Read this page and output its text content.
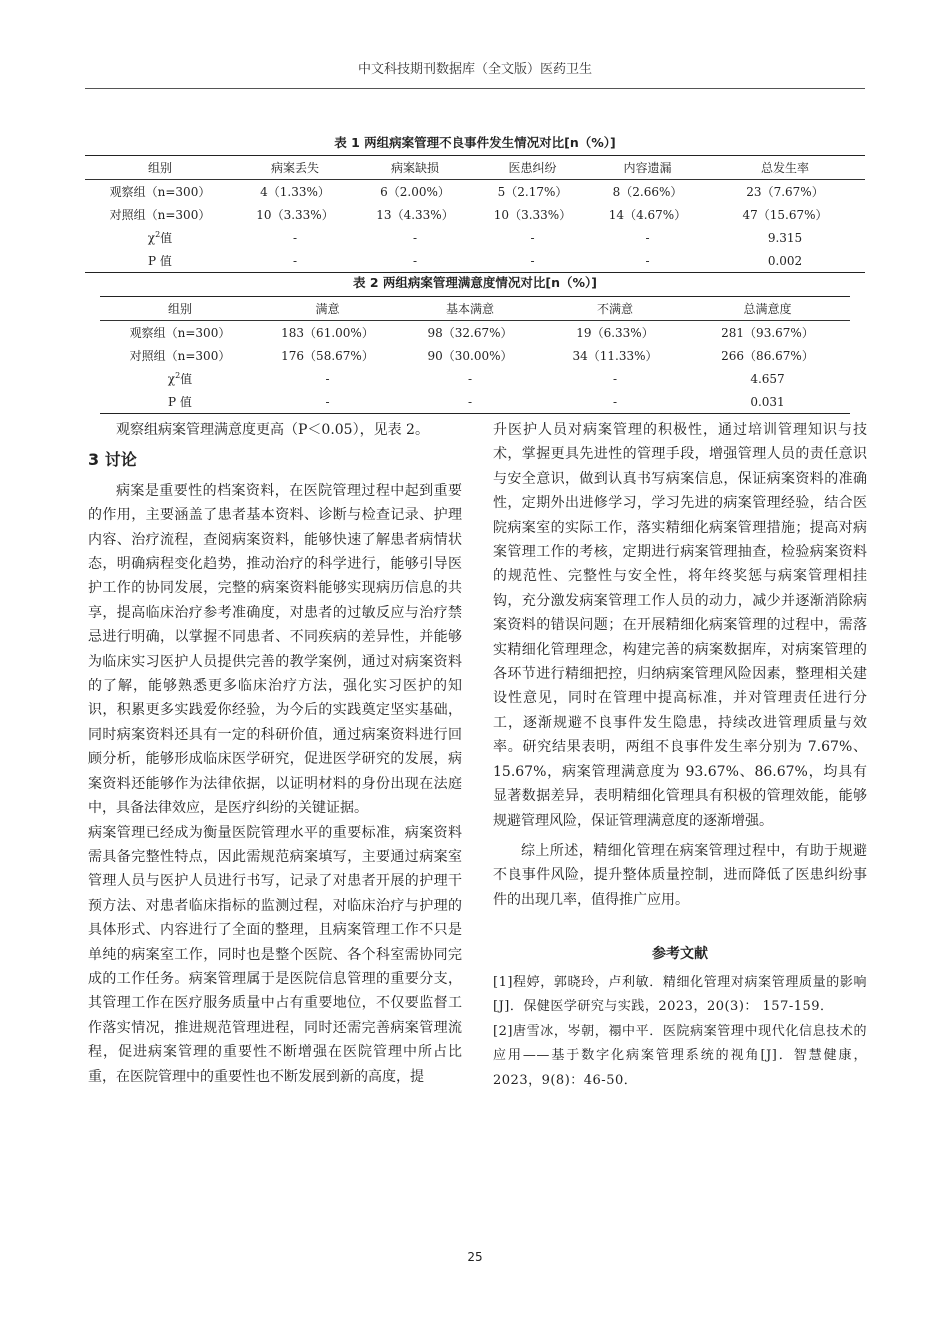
中文科技期刊数据库（全文版）医药卫生
表 1 两组病案管理不良事件发生情况对比[n（%）]
组别	病案丢失	病案缺损	医患纠纷	内容遗漏	总发生率
观察组（n=300）	4（1.33%）	6（2.00%）	5（2.17%）	8（2.66%）	23（7.67%）
对照组（n=300）	10（3.33%）	13（4.33%）	10（3.33%）	14（4.67%）	47（15.67%）
$\chi^2$值	-	-	-	-	9.315
P 值	-	-	-	-	0.002
表 2 两组病案管理满意度情况对比[n（%）]
组别	满意	基本满意	不满意	总满意度
观察组（n=300）	183（61.00%）	98（32.67%）	19（6.33%）	281（93.67%）
对照组（n=300）	176（58.67%）	90（30.00%）	34（11.33%）	266（86.67%）
$\chi^2$值	-	-	-	4.657
P 值	-	-	-	0.031

观察组病案管理满意度更高（P＜0.05），见表 2。

3 讨论

病案是重要性的档案资料，在医院管理过程中起到重要的作用，主要涵盖了患者基本资料、诊断与检查记录、护理内容、治疗流程，查阅病案资料，能够快速了解患者病情状态，明确病程变化趋势，推动治疗的科学进行，能够引导医护工作的协同发展，完整的病案资料能够实现病历信息的共享，提高临床治疗参考准确度，对患者的过敏反应与治疗禁忌进行明确，以掌握不同患者、不同疾病的差异性，并能够为临床实习医护人员提供完善的教学案例，通过对病案资料的了解，能够熟悉更多临床治疗方法，强化实习医护的知识，积累更多实践爱你经验，为今后的实践奠定坚实基础，同时病案资料还具有一定的科研价值，通过病案资料进行回顾分析，能够形成临床医学研究，促进医学研究的发展，病案资料还能够作为法律依据，以证明材料的身份出现在法庭中，具备法律效应，是医疗纠纷的关键证据。

病案管理已经成为衡量医院管理水平的重要标准，病案资料需具备完整性特点，因此需规范病案填写，主要通过病案室管理人员与医护人员进行书写，记录了对患者开展的护理干预方法、对患者临床指标的监测过程，对临床治疗与护理的具体形式、内容进行了全面的整理，且病案管理工作不只是单纯的病案室工作，同时也是整个医院、各个科室需协同完成的工作任务。病案管理属于是医院信息管理的重要分支，其管理工作在医疗服务质量中占有重要地位，不仅要监督工作落实情况，推进规范管理进程，同时还需完善病案管理流程，促进病案管理的重要性不断增强在医院管理中所占比重，在医院管理中的重要性也不断发展到新的高度，提

升医护人员对病案管理的积极性，通过培训管理知识与技术，掌握更具先进性的管理手段，增强管理人员的责任意识与安全意识，做到认真书写病案信息，保证病案资料的准确性，定期外出进修学习，学习先进的病案管理经验，结合医院病案室的实际工作，落实精细化病案管理措施；提高对病案管理工作的考核，定期进行病案管理抽查，检验病案资料的规范性、完整性与安全性，将年终奖惩与病案管理相挂钩，充分激发病案管理工作人员的动力，减少并逐渐消除病案资料的错误问题；在开展精细化病案管理的过程中，需落实精细化管理理念，构建完善的病案数据库，对病案管理的各环节进行精细把控，归纳病案管理风险因素，整理相关建设性意见，同时在管理中提高标准，并对管理责任进行分工，逐渐规避不良事件发生隐患，持续改进管理质量与效率。研究结果表明，两组不良事件发生率分别为 7.67%、15.67%，病案管理满意度为 93.67%、86.67%，均具有显著数据差异，表明精细化管理具有积极的管理效能，能够规避管理风险，保证管理满意度的逐渐增强。

综上所述，精细化管理在病案管理过程中，有助于规避不良事件风险，提升整体质量控制，进而降低了医患纠纷事件的出现几率，值得推广应用。

参考文献

[1]程婷，郭晓玲，卢利敏．精细化管理对病案管理质量的影响[J]．保健医学研究与实践，2023，20(3)： 157-159．

[2]唐雪冰，岑朝，禤中平．医院病案管理中现代化信息技术的应用——基于数字化病案管理系统的视角[J]．智慧健康，2023，9(8)：46-50．

25
